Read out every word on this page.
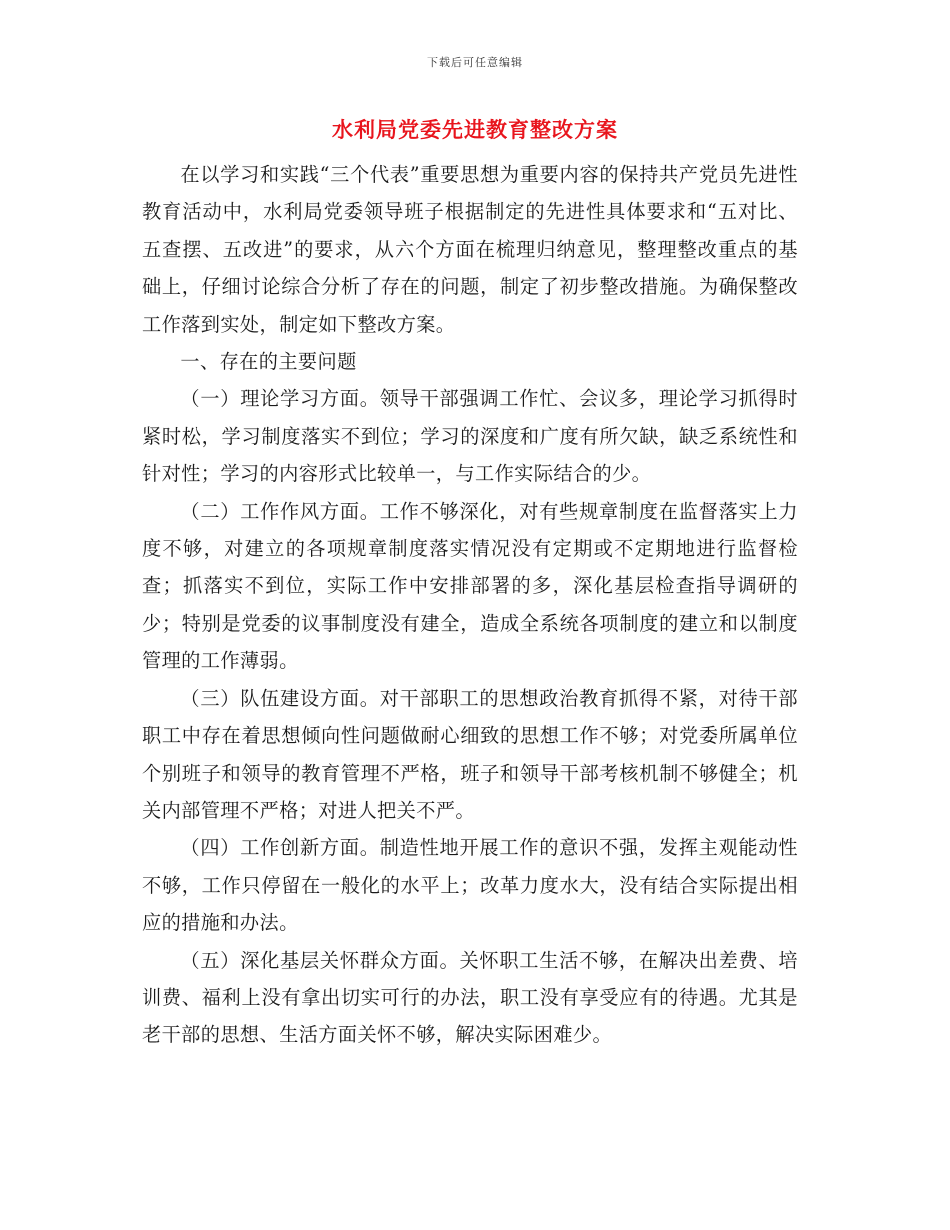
下载后可任意编辑
水利局党委先进教育整改方案

在以学习和实践“三个代表”重要思想为重要内容的保持共产党员先进性教育活动中，水利局党委领导班子根据制定的先进性具体要求和“五对比、五查摆、五改进”的要求，从六个方面在梳理归纳意见，整理整改重点的基础上，仔细讨论综合分析了存在的问题，制定了初步整改措施。为确保整改工作落到实处，制定如下整改方案。

一、存在的主要问题

（一）理论学习方面。领导干部强调工作忙、会议多，理论学习抓得时紧时松，学习制度落实不到位；学习的深度和广度有所欠缺，缺乏系统性和针对性；学习的内容形式比较单一，与工作实际结合的少。

（二）工作作风方面。工作不够深化，对有些规章制度在监督落实上力度不够，对建立的各项规章制度落实情况没有定期或不定期地进行监督检查；抓落实不到位，实际工作中安排部署的多，深化基层检查指导调研的少；特别是党委的议事制度没有建全，造成全系统各项制度的建立和以制度管理的工作薄弱。

（三）队伍建设方面。对干部职工的思想政治教育抓得不紧，对待干部职工中存在着思想倾向性问题做耐心细致的思想工作不够；对党委所属单位个别班子和领导的教育管理不严格，班子和领导干部考核机制不够健全；机关内部管理不严格；对进人把关不严。

（四）工作创新方面。制造性地开展工作的意识不强，发挥主观能动性不够，工作只停留在一般化的水平上；改革力度水大，没有结合实际提出相应的措施和办法。

（五）深化基层关怀群众方面。关怀职工生活不够，在解决出差费、培训费、福利上没有拿出切实可行的办法，职工没有享受应有的待遇。尤其是老干部的思想、生活方面关怀不够，解决实际困难少。
